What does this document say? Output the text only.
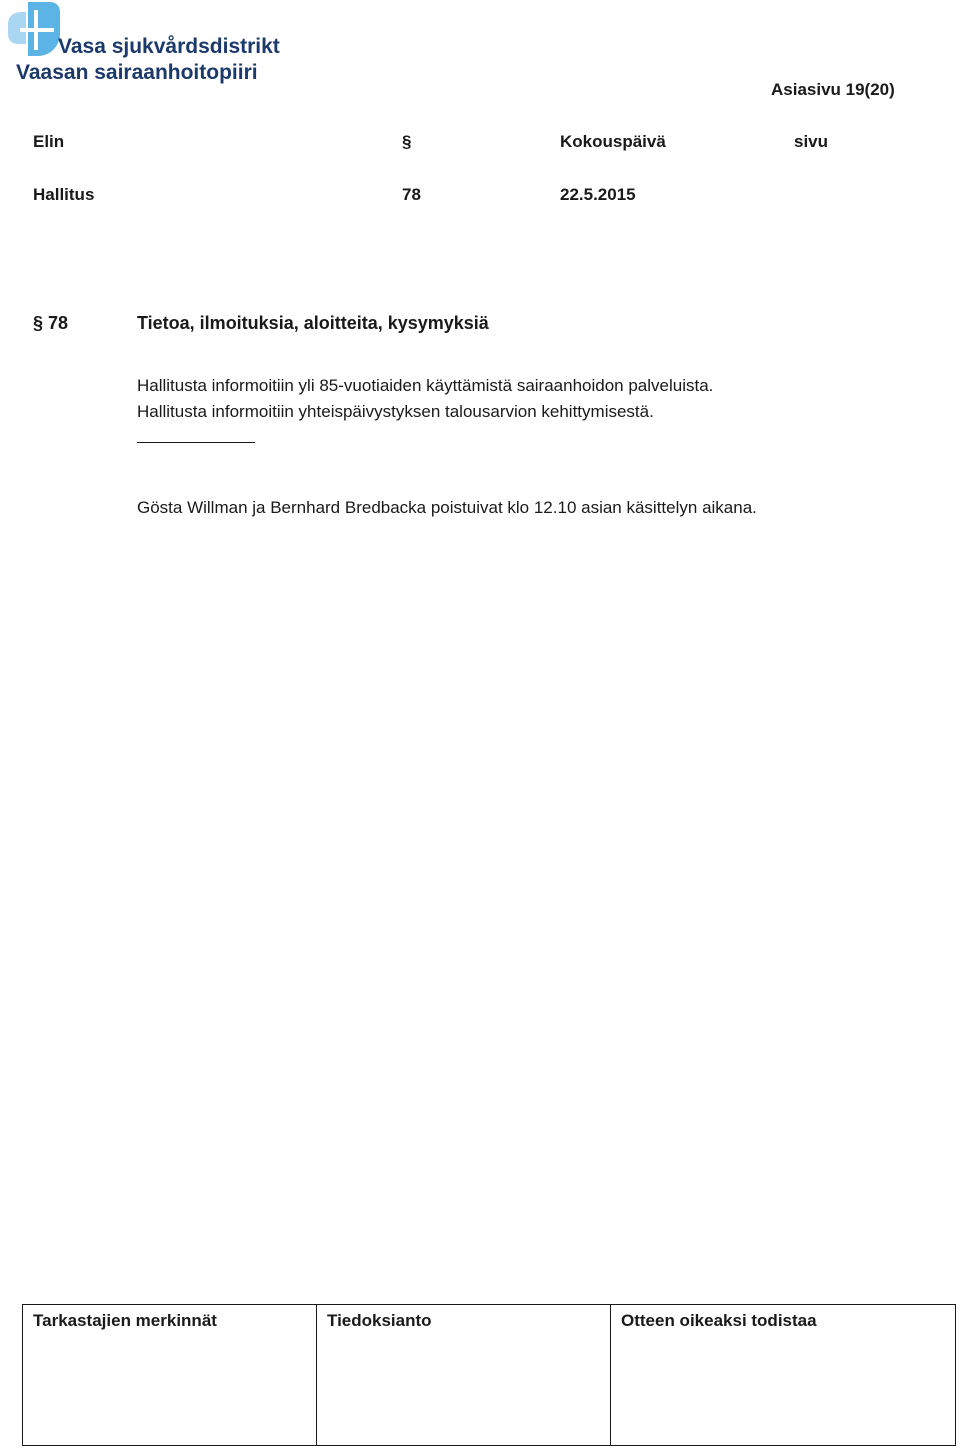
Vasa sjukvårdsdistrikt
Vaasan sairaanhoitopiiri
Asiasivu 19(20)
Elin	§	Kokouspäivä	sivu
Hallitus	78	22.5.2015
§ 78	Tietoa, ilmoituksia, aloitteita, kysymyksiä
Hallitusta informoitiin yli 85-vuotiaiden käyttämistä sairaanhoidon palveluista.
Hallitusta informoitiin yhteispäivystyksen talousarvion kehittymisestä.
Gösta Willman ja Bernhard Bredbacka poistuivat klo 12.10 asian käsittelyn aikana.
Tarkastajien merkinnät	Tiedoksianto	Otteen oikeaksi todistaa
